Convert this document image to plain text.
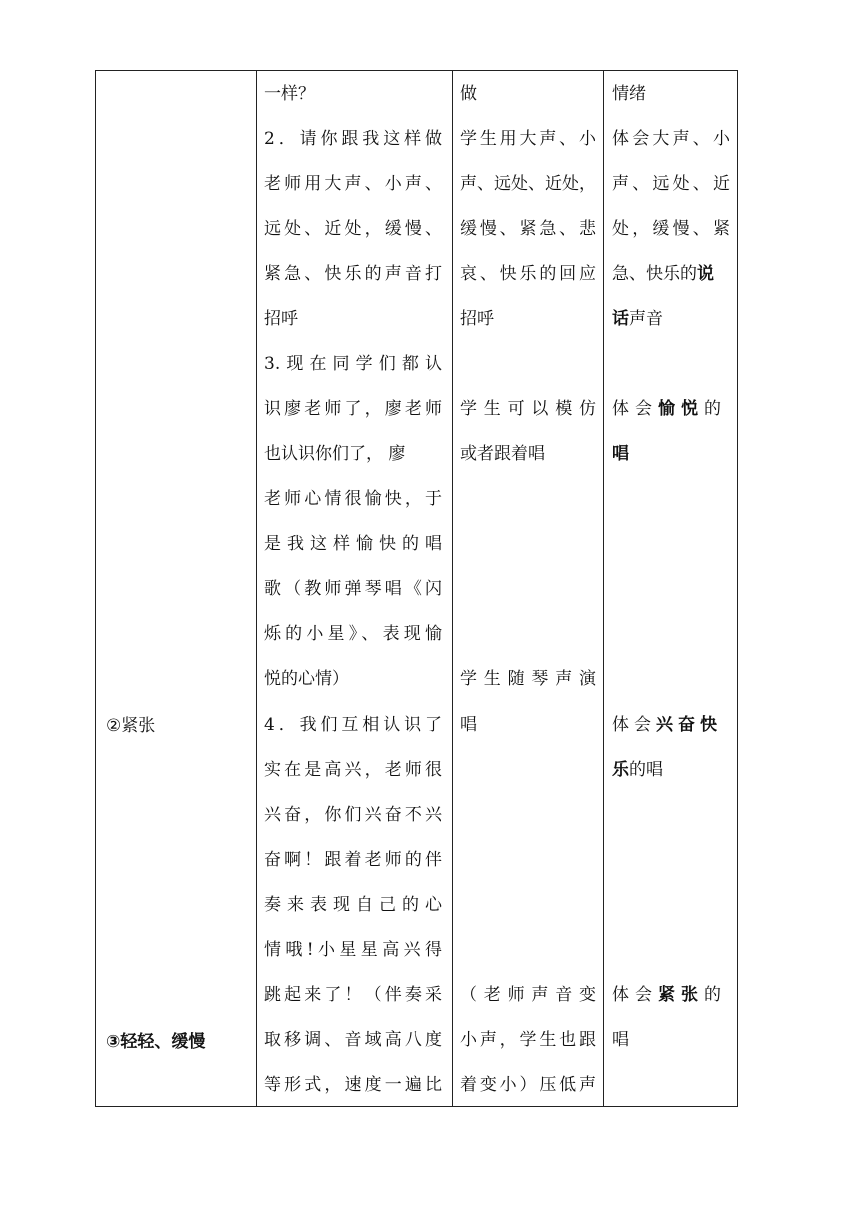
②紧张
③轻轻、缓慢
一样？
2．请你跟我这样做
老师用大声、小声、
远处、近处，缓慢、
紧急、快乐的声音打
招呼
3.现在同学们都认
识廖老师了，廖老师
也认识你们了， 廖
老师心情很愉快，于
是我这样愉快的唱
歌（教师弹琴唱《闪
烁的小星》、表现愉
悦的心情）
4．我们互相认识了
实在是高兴，老师很
兴奋，你们兴奋不兴
奋啊！跟着老师的伴
奏来表现自己的心
情哦!小星星高兴得
跳起来了！（伴奏采
取移调、音域高八度
等形式，速度一遍比
做
学生用大声、小
声、远处、近处，
缓慢、紧急、悲
哀、快乐的回应
招呼
学生可以模仿
或者跟着唱
学生随琴声演
唱
（老师声音变
小声，学生也跟
着变小）压低声
情绪
体会大声、小
声、远处、近
处，缓慢、紧
急、快乐的说
话声音
体会愉悦的
唱
体会兴奋快
乐的唱
体会紧张的
唱
